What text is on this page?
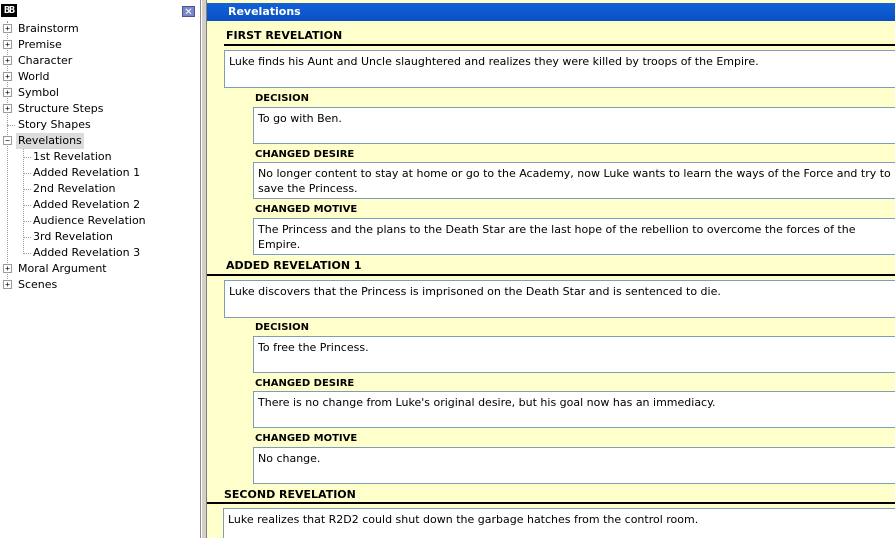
BB	✕
+ Brainstorm
+ Premise
+ Character
+ World
+ Symbol
+ Structure Steps
Story Shapes
− Revelations
1st Revelation
Added Revelation 1
2nd Revelation
Added Revelation 2
Audience Revelation
3rd Revelation
Added Revelation 3
+ Moral Argument
+ Scenes
Revelations
FIRST REVELATION
Luke finds his Aunt and Uncle slaughtered and realizes they were killed by troops of the Empire.
DECISION
To go with Ben.
CHANGED DESIRE
No longer content to stay at home or go to the Academy, now Luke wants to learn the ways of the Force and try to save the Princess.
CHANGED MOTIVE
The Princess and the plans to the Death Star are the last hope of the rebellion to overcome the forces of the Empire.
ADDED REVELATION 1
Luke discovers that the Princess is imprisoned on the Death Star and is sentenced to die.
DECISION
To free the Princess.
CHANGED DESIRE
There is no change from Luke's original desire, but his goal now has an immediacy.
CHANGED MOTIVE
No change.
SECOND REVELATION
Luke realizes that R2D2 could shut down the garbage hatches from the control room.
